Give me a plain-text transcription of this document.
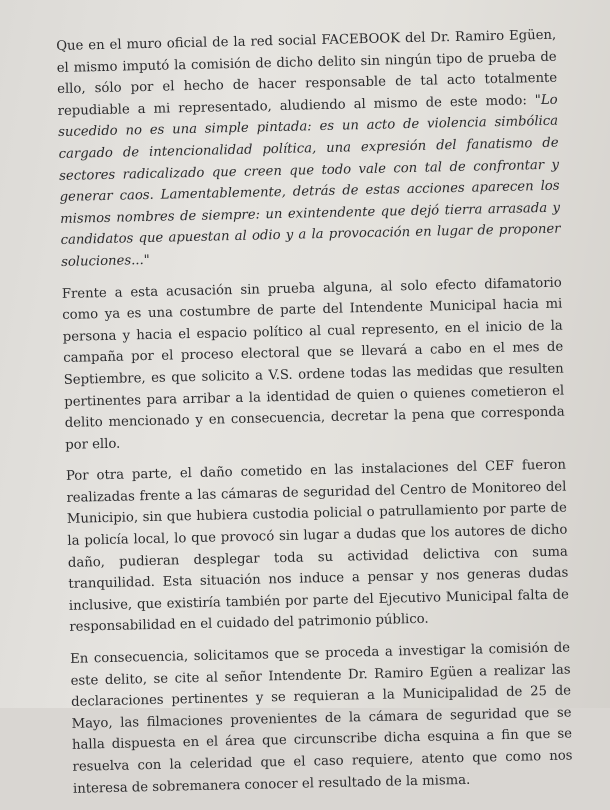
Que en el muro oficial de la red social FACEBOOK del Dr. Ramiro Egüen, el mismo imputó la comisión de dicho delito sin ningún tipo de prueba de ello, sólo por el hecho de hacer responsable de tal acto totalmente repudiable a mi representado, aludiendo al mismo de este modo: "Lo sucedido no es una simple pintada: es un acto de violencia simbólica cargado de intencionalidad política, una expresión del fanatismo de sectores radicalizado que creen que todo vale con tal de confrontar y generar caos. Lamentablemente, detrás de estas acciones aparecen los mismos nombres de siempre: un exintendente que dejó tierra arrasada y candidatos que apuestan al odio y a la provocación en lugar de proponer soluciones..."

Frente a esta acusación sin prueba alguna, al solo efecto difamatorio como ya es una costumbre de parte del Intendente Municipal hacia mi persona y hacia el espacio político al cual represento, en el inicio de la campaña por el proceso electoral que se llevará a cabo en el mes de Septiembre, es que solicito a V.S. ordene todas las medidas que resulten pertinentes para arribar a la identidad de quien o quienes cometieron el delito mencionado y en consecuencia, decretar la pena que corresponda por ello.

Por otra parte, el daño cometido en las instalaciones del CEF fueron realizadas frente a las cámaras de seguridad del Centro de Monitoreo del Municipio, sin que hubiera custodia policial o patrullamiento por parte de la policía local, lo que provocó sin lugar a dudas que los autores de dicho daño, pudieran desplegar toda su actividad delictiva con suma tranquilidad. Esta situación nos induce a pensar y nos generas dudas inclusive, que existiría también por parte del Ejecutivo Municipal falta de responsabilidad en el cuidado del patrimonio público.

En consecuencia, solicitamos que se proceda a investigar la comisión de este delito, se cite al señor Intendente Dr. Ramiro Egüen a realizar las declaraciones pertinentes y se requieran a la Municipalidad de 25 de Mayo, las filmaciones provenientes de la cámara de seguridad que se halla dispuesta en el área que circunscribe dicha esquina a fin que se resuelva con la celeridad que el caso requiere, atento que como nos interesa de sobremanera conocer el resultado de la misma.
